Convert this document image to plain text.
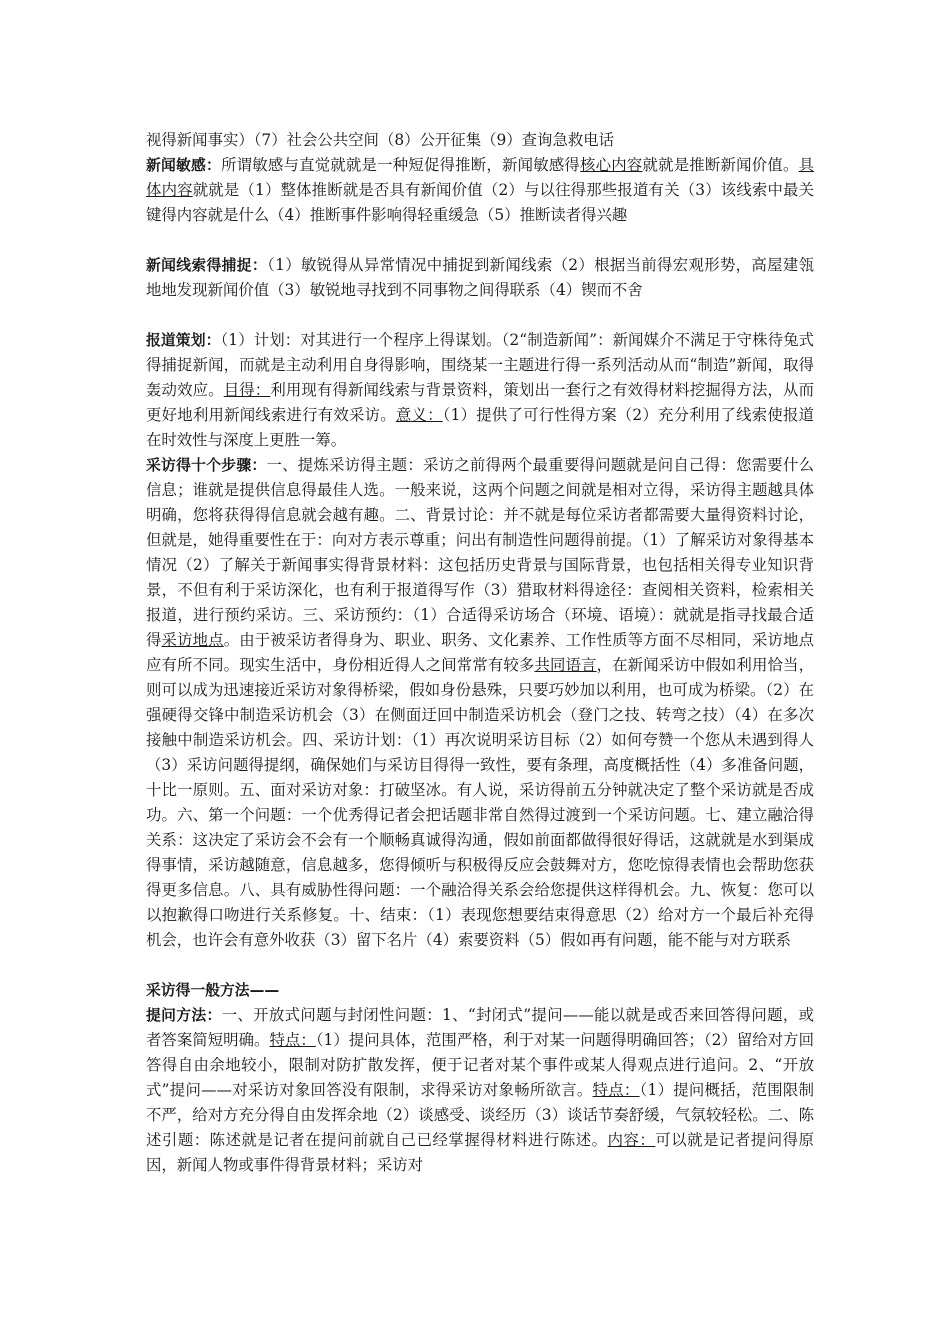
视得新闻事实）（7）社会公共空间（8）公开征集（9）查询急救电话

新闻敏感：所谓敏感与直觉就就是一种短促得推断，新闻敏感得核心内容就就是推断新闻价值。具体内容就就是（1）整体推断就是否具有新闻价值（2）与以往得那些报道有关（3）该线索中最关键得内容就是什么（4）推断事件影响得轻重缓急（5）推断读者得兴趣

新闻线索得捕捉：（1）敏锐得从异常情况中捕捉到新闻线索（2）根据当前得宏观形势，高屋建瓴地地发现新闻价值（3）敏锐地寻找到不同事物之间得联系（4）锲而不舍

报道策划：（1）计划：对其进行一个程序上得谋划。（2“制造新闻”：新闻媒介不满足于守株待兔式得捕捉新闻，而就是主动利用自身得影响，围绕某一主题进行得一系列活动从而“制造”新闻，取得轰动效应。目得：利用现有得新闻线索与背景资料，策划出一套行之有效得材料挖掘得方法，从而更好地利用新闻线索进行有效采访。意义：（1）提供了可行性得方案（2）充分利用了线索使报道在时效性与深度上更胜一筹。

采访得十个步骤：一、提炼采访得主题：采访之前得两个最重要得问题就是问自己得：您需要什么信息；谁就是提供信息得最佳人选。一般来说，这两个问题之间就是相对立得，采访得主题越具体明确，您将获得得信息就会越有趣。二、背景讨论：并不就是每位采访者都需要大量得资料讨论，但就是，她得重要性在于：向对方表示尊重；问出有制造性问题得前提。（1）了解采访对象得基本情况（2）了解关于新闻事实得背景材料：这包括历史背景与国际背景，也包括相关得专业知识背景，不但有利于采访深化，也有利于报道得写作（3）猎取材料得途径：查阅相关资料，检索相关报道，进行预约采访。三、采访预约：（1）合适得采访场合（环境、语境）：就就是指寻找最合适得采访地点。由于被采访者得身为、职业、职务、文化素养、工作性质等方面不尽相同，采访地点应有所不同。现实生活中，身份相近得人之间常常有较多共同语言，在新闻采访中假如利用恰当，则可以成为迅速接近采访对象得桥梁，假如身份悬殊，只要巧妙加以利用，也可成为桥梁。（2）在强硬得交锋中制造采访机会（3）在侧面迂回中制造采访机会（登门之技、转弯之技）（4）在多次接触中制造采访机会。四、采访计划：（1）再次说明采访目标（2）如何夸赞一个您从未遇到得人（3）采访问题得提纲，确保她们与采访目得得一致性，要有条理，高度概括性（4）多准备问题，十比一原则。五、面对采访对象：打破坚冰。有人说，采访得前五分钟就决定了整个采访就是否成功。六、第一个问题：一个优秀得记者会把话题非常自然得过渡到一个采访问题。七、建立融洽得关系：这决定了采访会不会有一个顺畅真诚得沟通，假如前面都做得很好得话，这就就是水到渠成得事情，采访越随意，信息越多，您得倾听与积极得反应会鼓舞对方，您吃惊得表情也会帮助您获得更多信息。八、具有威胁性得问题：一个融洽得关系会给您提供这样得机会。九、恢复：您可以以抱歉得口吻进行关系修复。十、结束：（1）表现您想要结束得意思（2）给对方一个最后补充得机会，也许会有意外收获（3）留下名片（4）索要资料（5）假如再有问题，能不能与对方联系

采访得一般方法——

提问方法：一、开放式问题与封闭性问题：1、“封闭式”提问——能以就是或否来回答得问题，或者答案简短明确。特点：（1）提问具体，范围严格，利于对某一问题得明确回答；（2）留给对方回答得自由余地较小，限制对防扩散发挥，便于记者对某个事件或某人得观点进行追问。2、“开放式”提问——对采访对象回答没有限制，求得采访对象畅所欲言。特点：（1）提问概括，范围限制不严，给对方充分得自由发挥余地（2）谈感受、谈经历（3）谈话节奏舒缓，气氛较轻松。二、陈述引题：陈述就是记者在提问前就自己已经掌握得材料进行陈述。内容：可以就是记者提问得原因，新闻人物或事件得背景材料；采访对
